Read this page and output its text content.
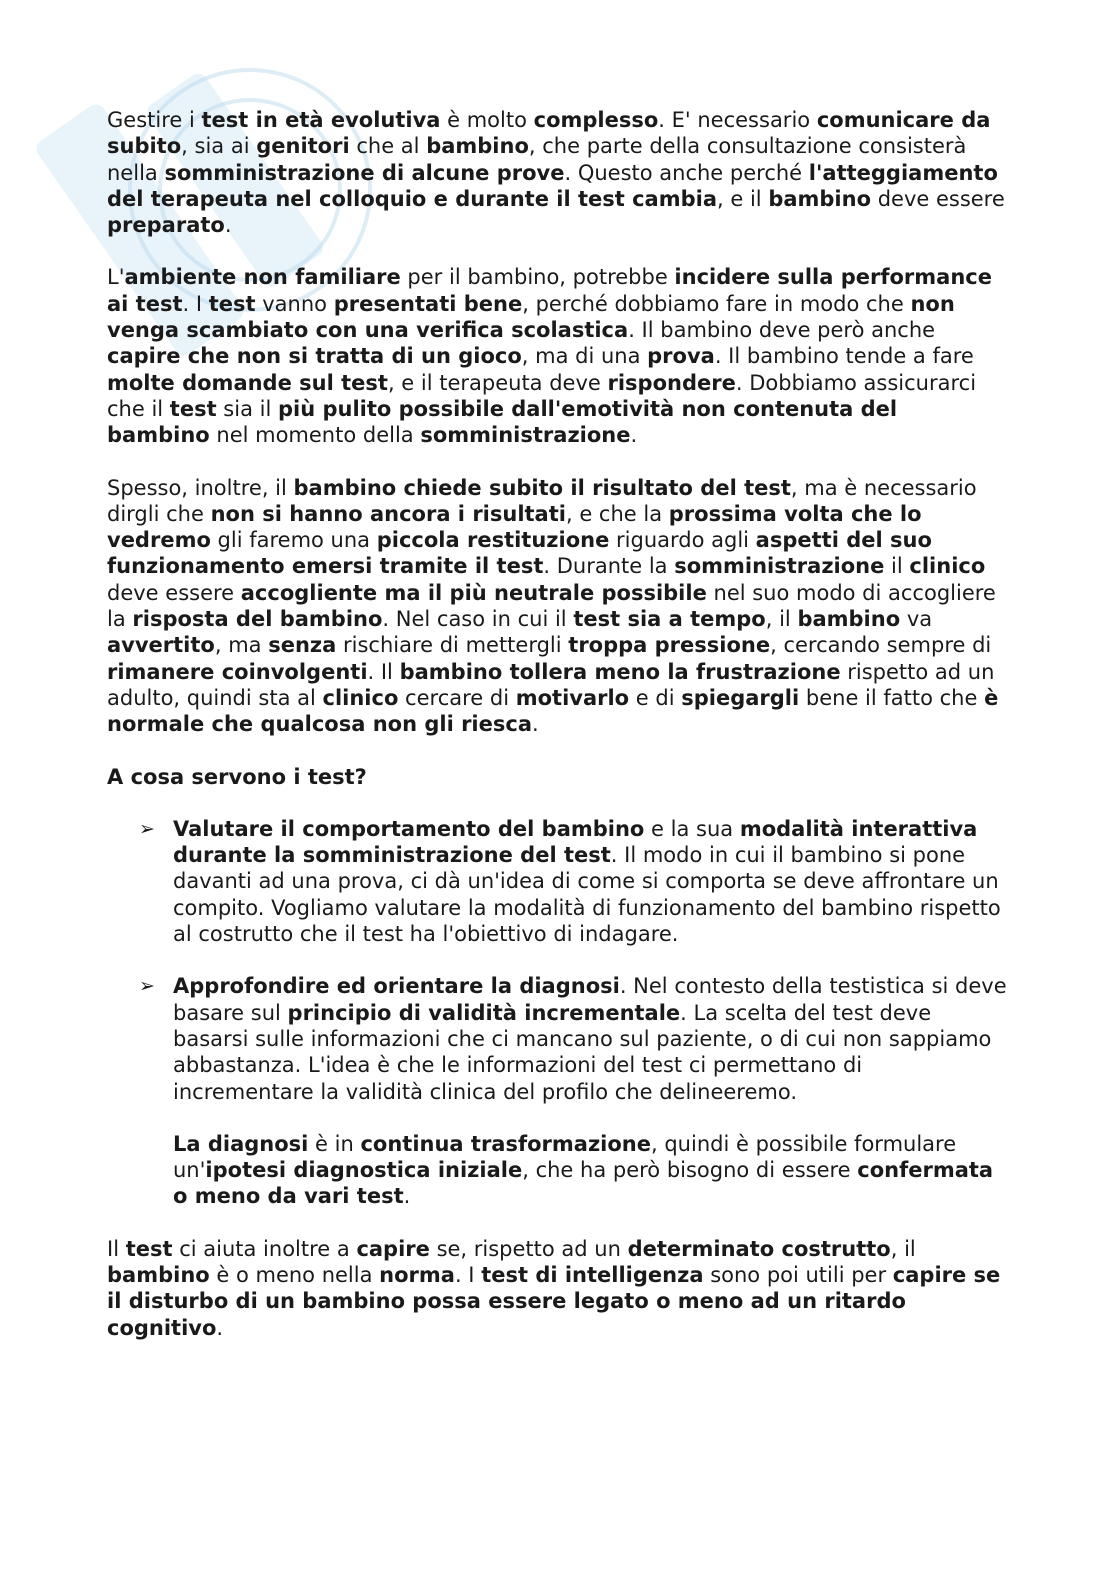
Gestire i test in età evolutiva è molto complesso. E' necessario comunicare da subito, sia ai genitori che al bambino, che parte della consultazione consisterà nella somministrazione di alcune prove. Questo anche perché l'atteggiamento del terapeuta nel colloquio e durante il test cambia, e il bambino deve essere preparato.

L'ambiente non familiare per il bambino, potrebbe incidere sulla performance ai test. I test vanno presentati bene, perché dobbiamo fare in modo che non venga scambiato con una verifica scolastica. Il bambino deve però anche capire che non si tratta di un gioco, ma di una prova. Il bambino tende a fare molte domande sul test, e il terapeuta deve rispondere. Dobbiamo assicurarci che il test sia il più pulito possibile dall'emotività non contenuta del bambino nel momento della somministrazione.

Spesso, inoltre, il bambino chiede subito il risultato del test, ma è necessario dirgli che non si hanno ancora i risultati, e che la prossima volta che lo vedremo gli faremo una piccola restituzione riguardo agli aspetti del suo funzionamento emersi tramite il test. Durante la somministrazione il clinico deve essere accogliente ma il più neutrale possibile nel suo modo di accogliere la risposta del bambino. Nel caso in cui il test sia a tempo, il bambino va avvertito, ma senza rischiare di mettergli troppa pressione, cercando sempre di rimanere coinvolgenti. Il bambino tollera meno la frustrazione rispetto ad un adulto, quindi sta al clinico cercare di motivarlo e di spiegargli bene il fatto che è normale che qualcosa non gli riesca.

A cosa servono i test?

➢ Valutare il comportamento del bambino e la sua modalità interattiva durante la somministrazione del test. Il modo in cui il bambino si pone davanti ad una prova, ci dà un'idea di come si comporta se deve affrontare un compito. Vogliamo valutare la modalità di funzionamento del bambino rispetto al costrutto che il test ha l'obiettivo di indagare.
➢ Approfondire ed orientare la diagnosi. Nel contesto della testistica si deve basare sul principio di validità incrementale. La scelta del test deve basarsi sulle informazioni che ci mancano sul paziente, o di cui non sappiamo abbastanza. L'idea è che le informazioni del test ci permettano di incrementare la validità clinica del profilo che delineeremo.

La diagnosi è in continua trasformazione, quindi è possibile formulare un'ipotesi diagnostica iniziale, che ha però bisogno di essere confermata o meno da vari test.

Il test ci aiuta inoltre a capire se, rispetto ad un determinato costrutto, il bambino è o meno nella norma. I test di intelligenza sono poi utili per capire se il disturbo di un bambino possa essere legato o meno ad un ritardo cognitivo.
